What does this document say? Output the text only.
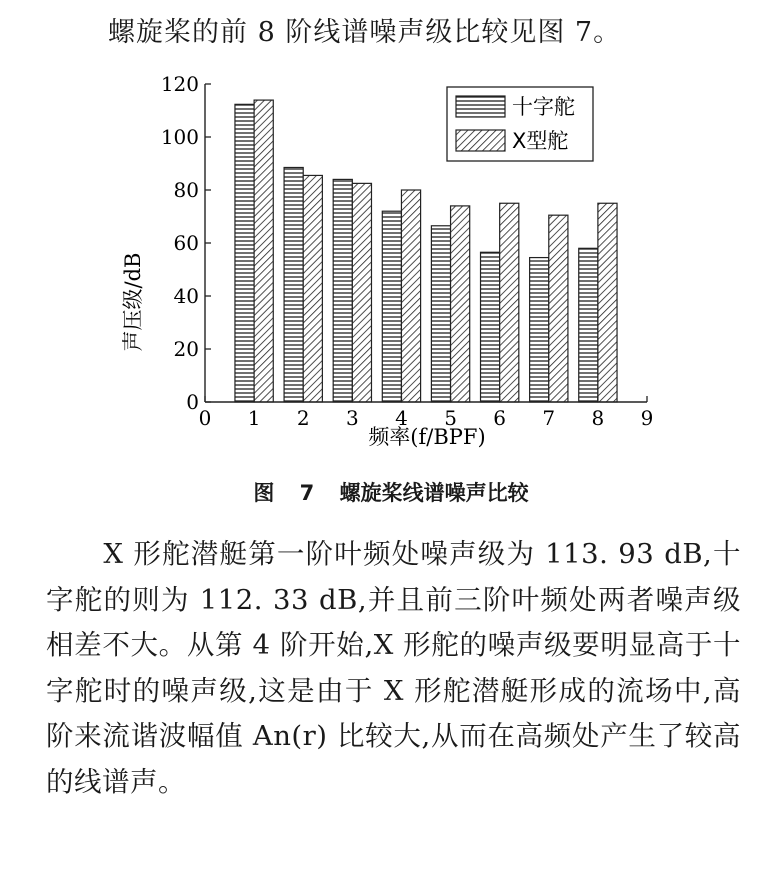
螺旋桨的前 8 阶线谱噪声级比较见图 7。
0
20
40
60
80
100
120
0 1 2 3 4 5 6 7 8 9
声压级/dB
频率(f/BPF)
十字舵
X型舵
图 7 螺旋桨线谱噪声比较

　　X 形舵潜艇第一阶叶频处噪声级为 113. 93 dB,十字舵的则为 112. 33 dB,并且前三阶叶频处两者噪声级相差不大。从第 4 阶开始,X 形舵的噪声级要明显高于十字舵时的噪声级,这是由于 X 形舵潜艇形成的流场中,高阶来流谐波幅值 An(r) 比较大,从而在高频处产生了较高的线谱声。
